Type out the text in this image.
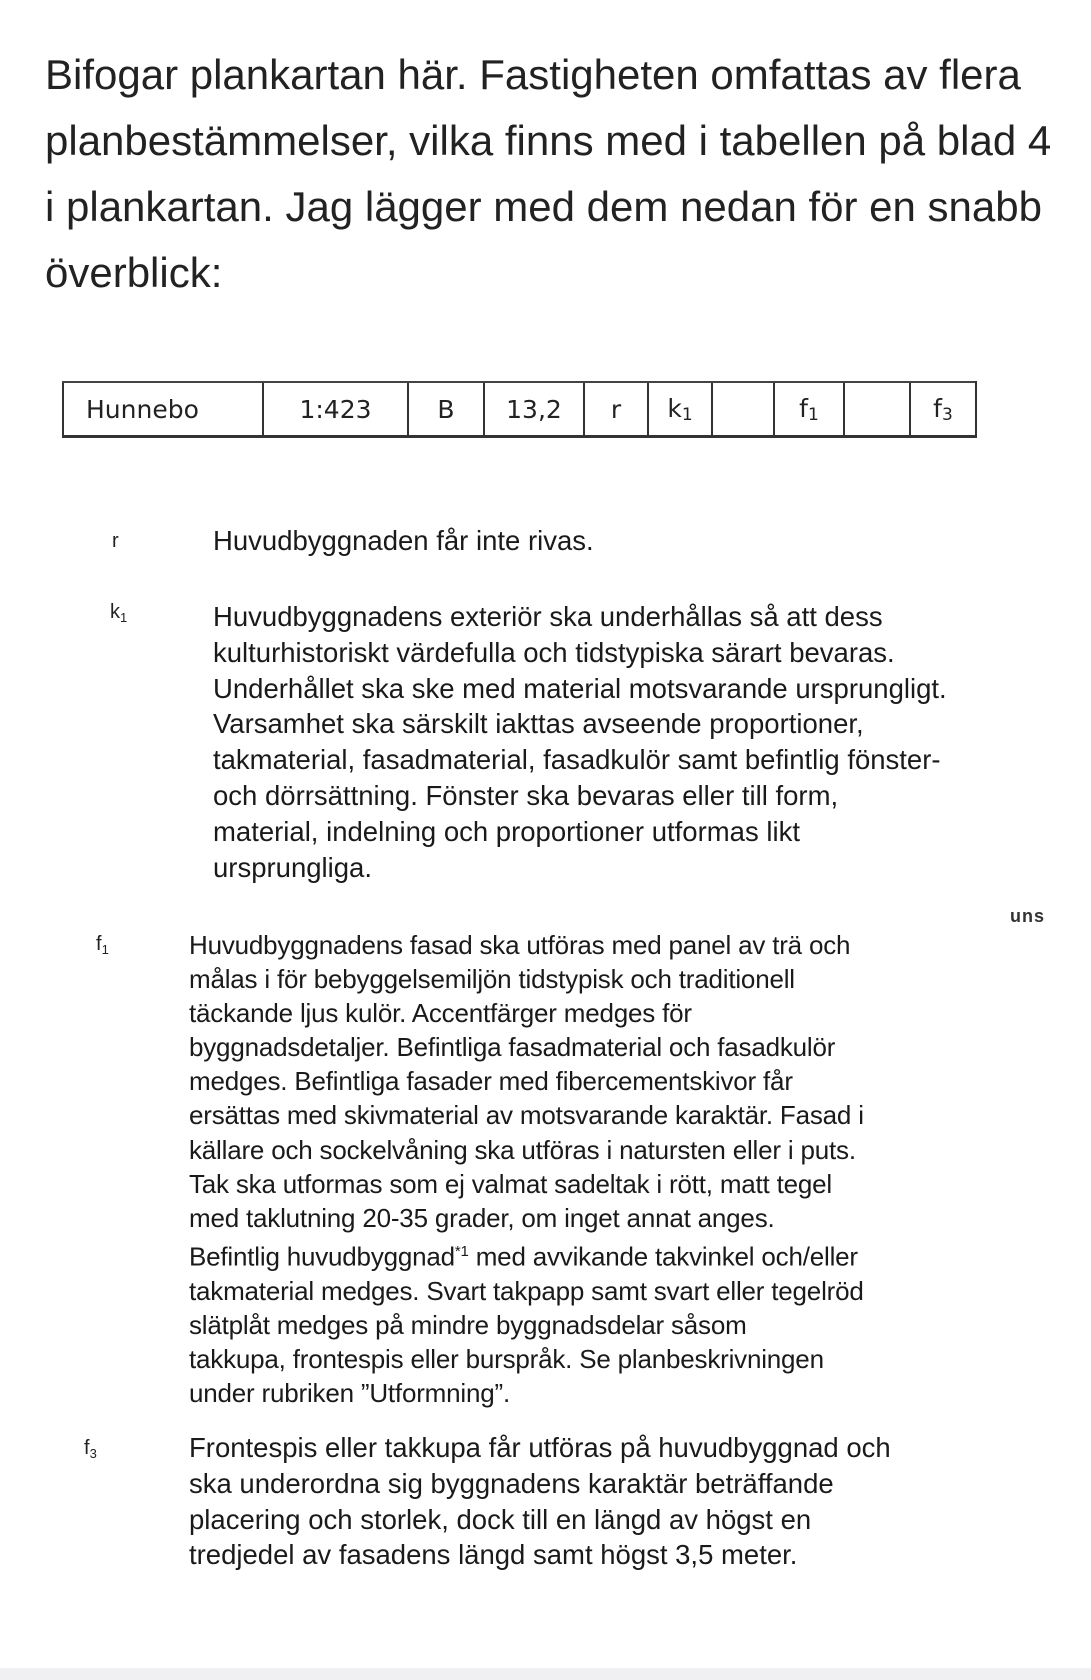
Bifogar plankartan här. Fastigheten omfattas av flera planbestämmelser, vilka finns med i tabellen på blad 4 i plankartan. Jag lägger med dem nedan för en snabb överblick:

Hunnebo	1:423	B	13,2	r	k1		f1		f3
r	Huvudbyggnaden får inte rivas.

$k_1$	Huvudbyggnadens exteriör ska underhållas så att dess
kulturhistoriskt värdefulla och tidstypiska särart bevaras.
Underhållet ska ske med material motsvarande ursprungligt.
Varsamhet ska särskilt iakttas avseende proportioner,
takmaterial, fasadmaterial, fasadkulör samt befintlig fönster-
och dörrsättning. Fönster ska bevaras eller till form,
material, indelning och proportioner utformas likt
ursprungliga.

uns
$f_1$	Huvudbyggnadens fasad ska utföras med panel av trä och
målas i för bebyggelsemiljön tidstypisk och traditionell
täckande ljus kulör. Accentfärger medges för
byggnadsdetaljer. Befintliga fasadmaterial och fasadkulör
medges. Befintliga fasader med fibercementskivor får
ersättas med skivmaterial av motsvarande karaktär. Fasad i
källare och sockelvåning ska utföras i natursten eller i puts.
Tak ska utformas som ej valmat sadeltak i rött, matt tegel
med taklutning 20-35 grader, om inget annat anges.
Befintlig huvudbyggnad$^{*1}$ med avvikande takvinkel och/eller
takmaterial medges. Svart takpapp samt svart eller tegelröd
slätplåt medges på mindre byggnadsdelar såsom
takkupa, frontespis eller burspråk. Se planbeskrivningen
under rubriken ”Utformning”.

$f_3$	Frontespis eller takkupa får utföras på huvudbyggnad och
ska underordna sig byggnadens karaktär beträffande
placering och storlek, dock till en längd av högst en
tredjedel av fasadens längd samt högst 3,5 meter.
